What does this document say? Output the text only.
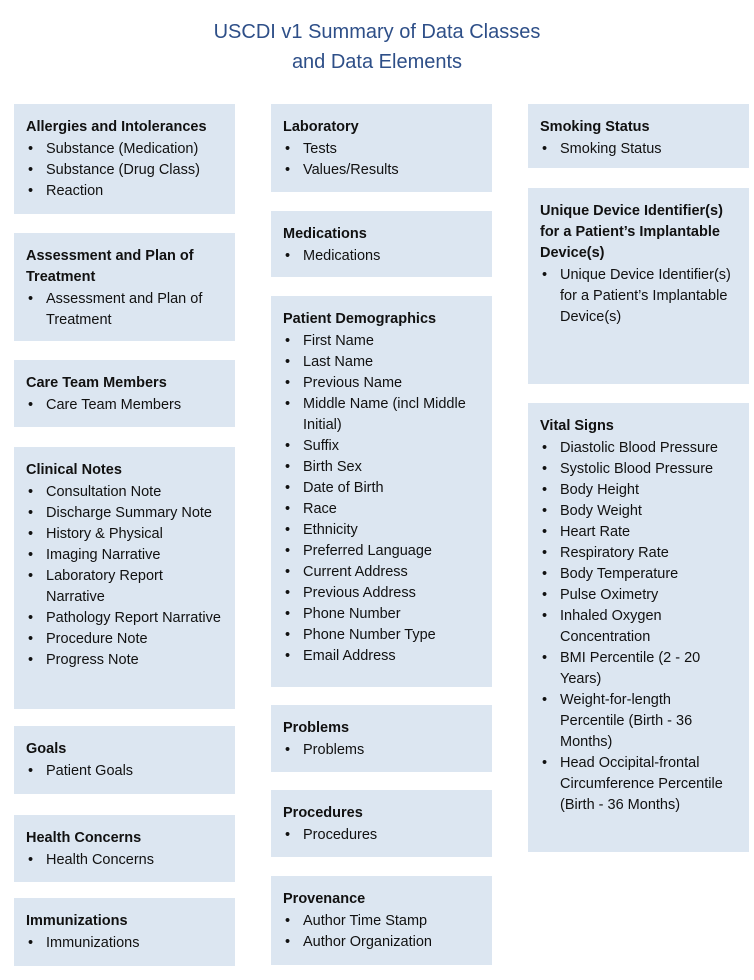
USCDI v1 Summary of Data Classes
and Data Elements
Allergies and Intolerances
• Substance (Medication)
• Substance (Drug Class)
• Reaction
Assessment and Plan of Treatment
• Assessment and Plan of Treatment
Care Team Members
• Care Team Members
Clinical Notes
• Consultation Note
• Discharge Summary Note
• History & Physical
• Imaging Narrative
• Laboratory Report Narrative
• Pathology Report Narrative
• Procedure Note
• Progress Note
Goals
• Patient Goals
Health Concerns
• Health Concerns
Immunizations
• Immunizations
Laboratory
• Tests
• Values/Results
Medications
• Medications
Patient Demographics
• First Name
• Last Name
• Previous Name
• Middle Name (incl Middle Initial)
• Suffix
• Birth Sex
• Date of Birth
• Race
• Ethnicity
• Preferred Language
• Current Address
• Previous Address
• Phone Number
• Phone Number Type
• Email Address
Problems
• Problems
Procedures
• Procedures
Provenance
• Author Time Stamp
• Author Organization
Smoking Status
• Smoking Status
Unique Device Identifier(s) for a Patient’s Implantable Device(s)
• Unique Device Identifier(s) for a Patient’s Implantable Device(s)
Vital Signs
• Diastolic Blood Pressure
• Systolic Blood Pressure
• Body Height
• Body Weight
• Heart Rate
• Respiratory Rate
• Body Temperature
• Pulse Oximetry
• Inhaled Oxygen Concentration
• BMI Percentile (2 - 20 Years)
• Weight-for-length Percentile (Birth - 36 Months)
• Head Occipital-frontal Circumference Percentile (Birth - 36 Months)
